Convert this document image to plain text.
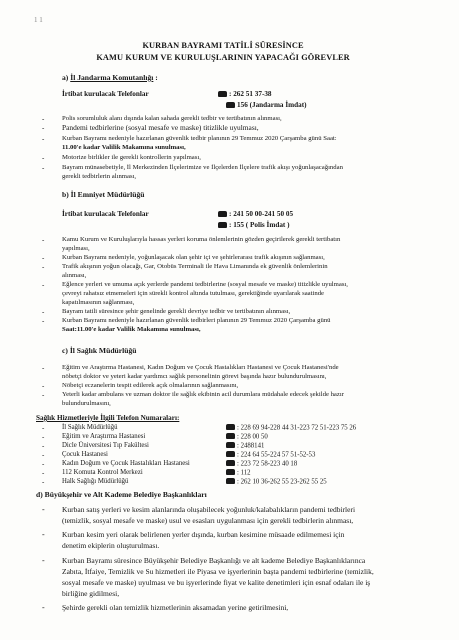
1 1
KURBAN BAYRAMI TATİLİ SÜRESİNCE
KAMU KURUM VE KURULUŞLARININ YAPACAĞI GÖREVLER
a) İl Jandarma Komutanlığı :
İrtibat kurulacak Telefonlar	: 262 51 37-38
156 (Jandarma İmdat)
-	Polis sorumluluk alanı dışında kalan sahada gerekli tedbir ve tertibatının alınması,
- Pandemi tedbirlerine (sosyal mesafe ve maske) titizlikle uyulması,
-	Kurban Bayramı nedeniyle hazırlanan güvenlik tedbir planının 29 Temmuz 2020 Çarşamba günü Saat:
11.00'e kadar Valilik Makamına sunulması,
-	Motorize birlikler ile gerekli kontrollerin yapılması,
-	Bayram münasebetiyle, İl Merkezinden İlçelerimize ve İlçelerden İlçelere trafik akışı yoğunlaşacağından
gerekli tedbirlerin alınması,
b) İl Emniyet Müdürlüğü
İrtibat kurulacak Telefonlar	: 241 50 00-241 50 05
: 155 ( Polis İmdat )
-	Kamu Kurum ve Kuruluşlarıyla hassas yerleri koruma önlemlerinin gözden geçirilerek gerekli tertibatın
yapılması,
-	Kurban Bayramı nedeniyle, yoğunlaşacak olan şehir içi ve şehirlerarası trafik akışının sağlanması,
-	Trafik akışının yoğun olacağı, Gar, Otobüs Terminali ile Hava Limanında ek güvenlik önlemlerinin
alınması,
-	Eğlence yerleri ve umuma açık yerlerde pandemi tedbirlerine (sosyal mesafe ve maske) titizlikle uyulması,
çevreyi rahatsız etmemeleri için sürekli kontrol altında tutulması, gerektiğinde uyarılarak saatinde
kapatılmasının sağlanması,
-	Bayram tatili süresince şehir genelinde gerekli devriye tedbir ve tertibatının alınması,
-	Kurban Bayramı nedeniyle hazırlanan güvenlik tedbirleri planının 29 Temmuz 2020 Çarşamba günü
Saat:11.00'e kadar Valilik Makamına sunulması,
c) İl Sağlık Müdürlüğü
-	Eğitim ve Araştırma Hastanesi, Kadın Doğum ve Çocuk Hastalıkları Hastanesi ve Çocuk Hastanesi'nde
nöbetçi doktor ve yeteri kadar yardımcı sağlık personelinin görevi başında hazır bulundurulmasını,
-	Nöbetçi eczanelerin tespit edilerek açık olmalarının sağlanmasını,
-	Yeterli kadar ambulans ve uzman doktor ile sağlık ekibinin acil durumlara müdahale edecek şekilde hazır
bulundurulmasını,
Sağlık Hizmetleriyle İlgili Telefon Numaraları:
-	İl Sağlık Müdürlüğü	: 228 69 94-228 44 31-223 72 51-223 75 26
-	Eğitim ve Araştırma Hastanesi	: 228 00 50
-	Dicle Üniversitesi Tıp Fakültesi	: 2488141
-	Çocuk Hastanesi	: 224 64 55-224 57 51-52-53
-	Kadın Doğum ve Çocuk Hastalıkları Hastanesi	: 223 72 58-223 40 18
-	112 Komuta Kontrol Merkezi	: 112
-	Halk Sağlığı Müdürlüğü	: 262 10 36-262 55 23-262 55 25
d) Büyükşehir ve Alt Kademe Belediye Başkanlıkları
- Kurban satış yerleri ve kesim alanlarında oluşabilecek yoğunluk/kalabalıkların pandemi tedbirleri
(temizlik, sosyal mesafe ve maske) usul ve esasları uygulanması için gerekli tedbirlerin alınması,
- Kurban kesim yeri olarak belirlenen yerler dışında, kurban kesimine müsaade edilmemesi için
denetim ekiplerin oluşturulması.
- Kurban Bayramı süresince Büyükşehir Belediye Başkanlığı ve alt kademe Belediye Başkanlıklarınca
Zabıta, İtfaiye, Temizlik ve Su hizmetleri ile Piyasa ve işyerlerinin başta pandemi tedbirlerine (temizlik,
sosyal mesafe ve maske) uyulması ve bu işyerlerinde fiyat ve kalite denetimleri için esnaf odaları ile iş
birliğine gidilmesi,
- Şehirde gerekli olan temizlik hizmetlerinin aksamadan yerine getirilmesini,
